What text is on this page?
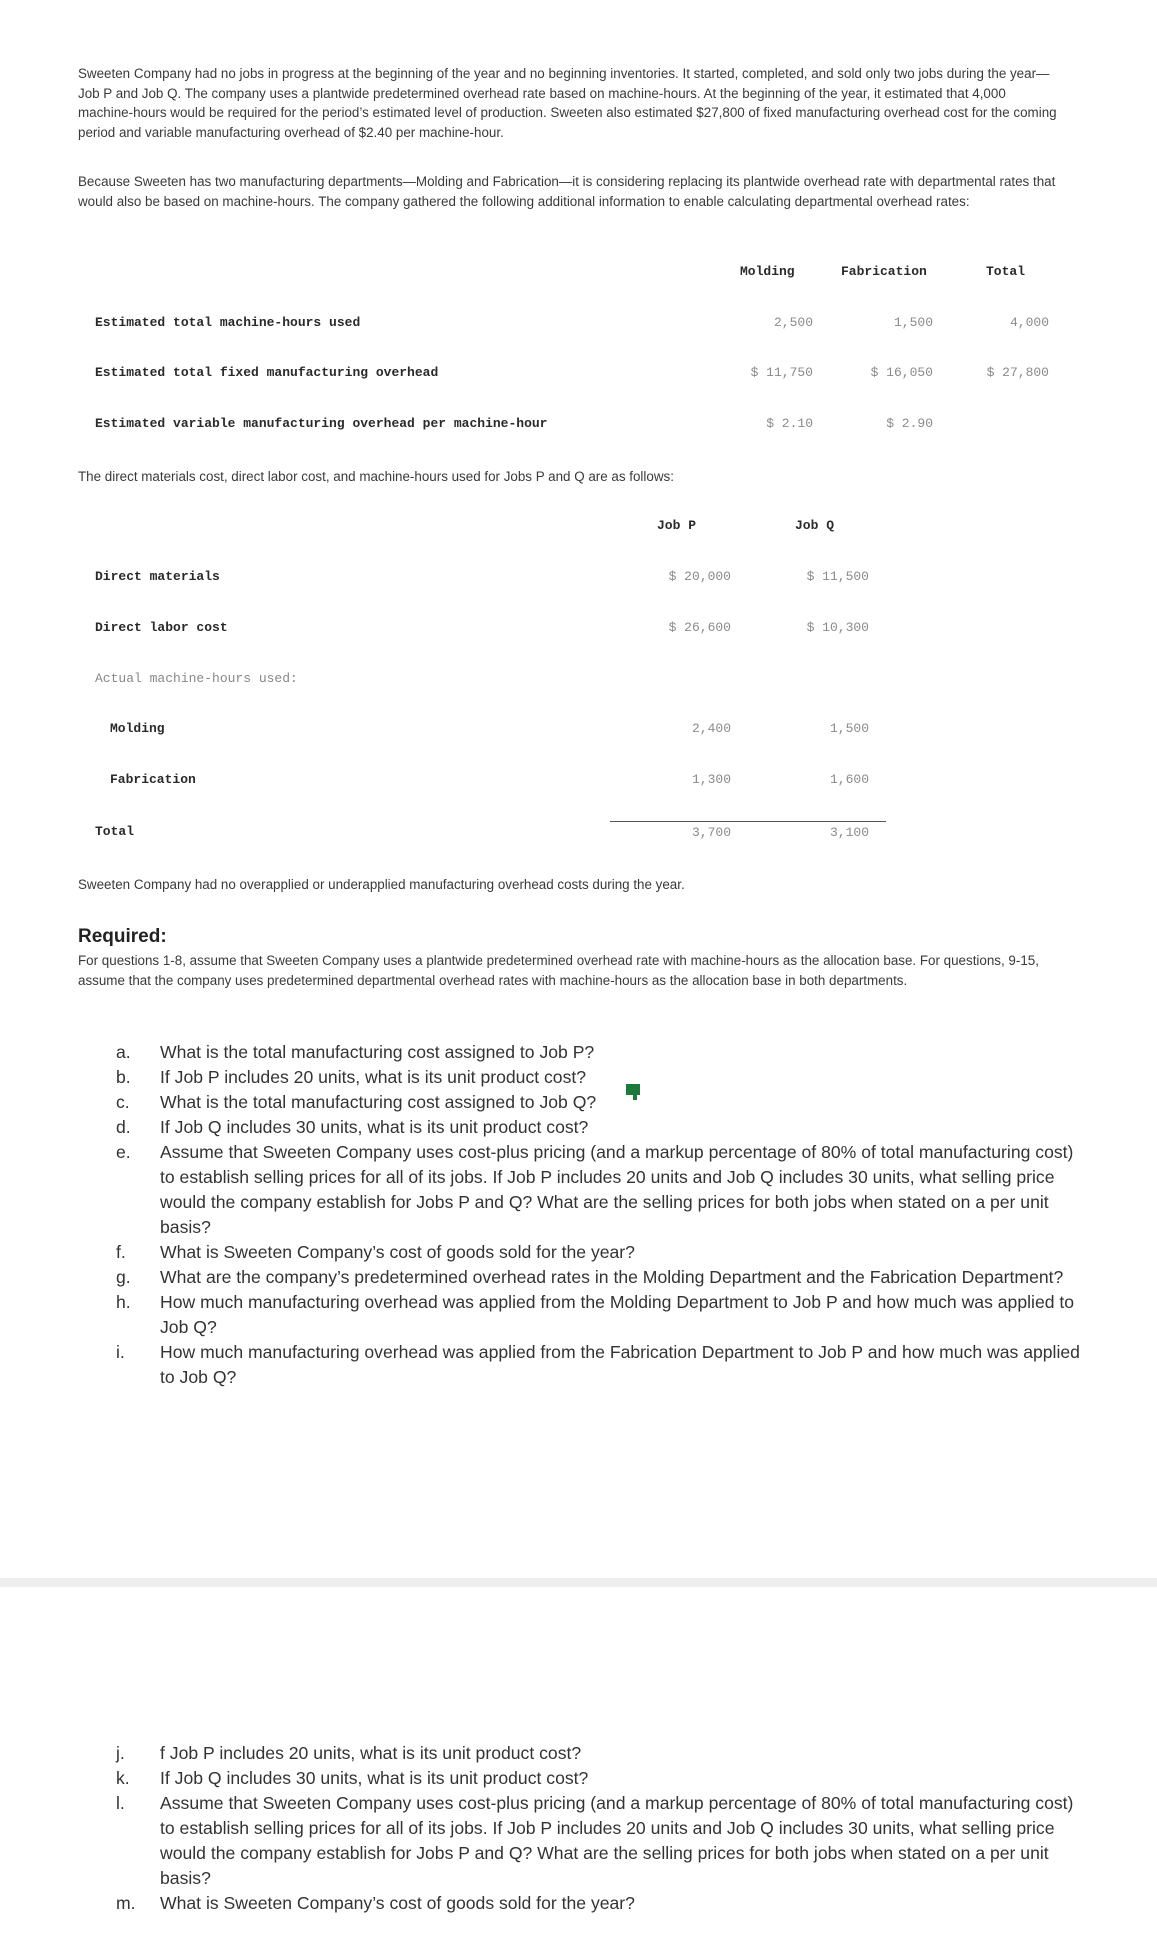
Sweeten Company had no jobs in progress at the beginning of the year and no beginning inventories. It started, completed, and sold only two jobs during the year—Job P and Job Q. The company uses a plantwide predetermined overhead rate based on machine-hours. At the beginning of the year, it estimated that 4,000 machine-hours would be required for the period’s estimated level of production. Sweeten also estimated $27,800 of fixed manufacturing overhead cost for the coming period and variable manufacturing overhead of $2.40 per machine-hour.

Because Sweeten has two manufacturing departments—Molding and Fabrication—it is considering replacing its plantwide overhead rate with departmental rates that would also be based on machine-hours. The company gathered the following additional information to enable calculating departmental overhead rates:

Molding	Fabrication	Total
Estimated total machine-hours used	2,500	1,500	4,000
Estimated total fixed manufacturing overhead	$ 11,750	$ 16,050	$ 27,800
Estimated variable manufacturing overhead per machine-hour	$ 2.10	$ 2.90

The direct materials cost, direct labor cost, and machine-hours used for Jobs P and Q are as follows:

Job P	Job Q
Direct materials	$ 20,000	$ 11,500
Direct labor cost	$ 26,600	$ 10,300
Actual machine-hours used:
Molding	2,400	1,500
Fabrication	1,300	1,600
Total	3,700	3,100

Sweeten Company had no overapplied or underapplied manufacturing overhead costs during the year.

Required:

For questions 1-8, assume that Sweeten Company uses a plantwide predetermined overhead rate with machine-hours as the allocation base. For questions, 9-15, assume that the company uses predetermined departmental overhead rates with machine-hours as the allocation base in both departments.

a.	What is the total manufacturing cost assigned to Job P?
b.	If Job P includes 20 units, what is its unit product cost?
c.	What is the total manufacturing cost assigned to Job Q?
d.	If Job Q includes 30 units, what is its unit product cost?
e.	Assume that Sweeten Company uses cost-plus pricing (and a markup percentage of 80% of total manufacturing cost) to establish selling prices for all of its jobs. If Job P includes 20 units and Job Q includes 30 units, what selling price would the company establish for Jobs P and Q? What are the selling prices for both jobs when stated on a per unit basis?
f.	What is Sweeten Company’s cost of goods sold for the year?
g.	What are the company’s predetermined overhead rates in the Molding Department and the Fabrication Department?
h.	How much manufacturing overhead was applied from the Molding Department to Job P and how much was applied to Job Q?
i.	How much manufacturing overhead was applied from the Fabrication Department to Job P and how much was applied to Job Q?
j.	f Job P includes 20 units, what is its unit product cost?
k.	If Job Q includes 30 units, what is its unit product cost?
l.	Assume that Sweeten Company uses cost-plus pricing (and a markup percentage of 80% of total manufacturing cost) to establish selling prices for all of its jobs. If Job P includes 20 units and Job Q includes 30 units, what selling price would the company establish for Jobs P and Q? What are the selling prices for both jobs when stated on a per unit basis?
m.	What is Sweeten Company’s cost of goods sold for the year?
